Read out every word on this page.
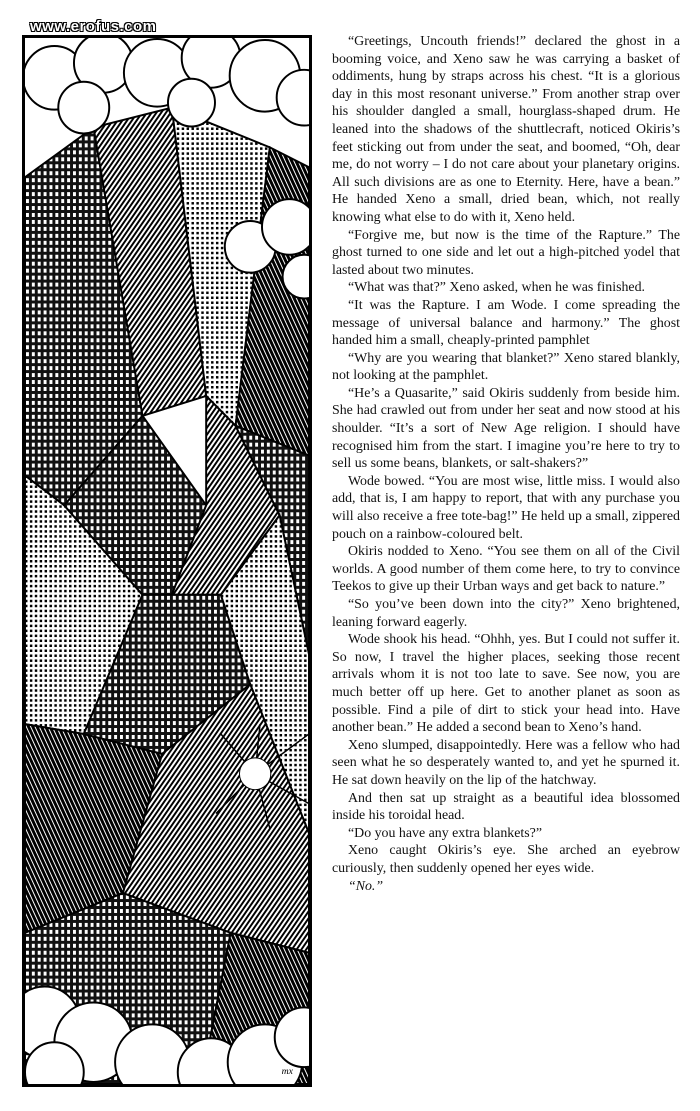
www.erofus.com
mx

“Greetings, Uncouth friends!” declared the ghost in a booming voice, and Xeno saw he was carrying a basket of oddiments, hung by straps across his chest. “It is a glorious day in this most resonant universe.” From another strap over his shoulder dangled a small, hourglass-shaped drum. He leaned into the shadows of the shuttlecraft, noticed Okiris’s feet sticking out from under the seat, and boomed, “Oh, dear me, do not worry – I do not care about your planetary origins. All such divisions are as one to Eternity. Here, have a bean.” He handed Xeno a small, dried bean, which, not really knowing what else to do with it, Xeno held.

“Forgive me, but now is the time of the Rapture.” The ghost turned to one side and let out a high-pitched yodel that lasted about two minutes.

“What was that?” Xeno asked, when he was finished.

“It was the Rapture. I am Wode. I come spreading the message of universal balance and harmony.” The ghost handed him a small, cheaply-printed pamphlet

“Why are you wearing that blanket?” Xeno stared blankly, not looking at the pamphlet.

“He’s a Quasarite,” said Okiris suddenly from beside him. She had crawled out from under her seat and now stood at his shoulder. “It’s a sort of New Age religion. I should have recognised him from the start. I imagine you’re here to try to sell us some beans, blankets, or salt-shakers?”

Wode bowed. “You are most wise, little miss. I would also add, that is, I am happy to report, that with any purchase you will also receive a free tote-bag!” He held up a small, zippered pouch on a rainbow-coloured belt.

Okiris nodded to Xeno. “You see them on all of the Civil worlds. A good number of them come here, to try to convince Teekos to give up their Urban ways and get back to nature.”

“So you’ve been down into the city?” Xeno brightened, leaning forward eagerly.

Wode shook his head. “Ohhh, yes. But I could not suffer it. So now, I travel the higher places, seeking those recent arrivals whom it is not too late to save. See now, you are much better off up here. Get to another planet as soon as possible. Find a pile of dirt to stick your head into. Have another bean.” He added a second bean to Xeno’s hand.

Xeno slumped, disappointedly. Here was a fellow who had seen what he so desperately wanted to, and yet he spurned it. He sat down heavily on the lip of the hatchway.

And then sat up straight as a beautiful idea blossomed inside his toroidal head.

“Do you have any extra blankets?”

Xeno caught Okiris’s eye. She arched an eyebrow curiously, then suddenly opened her eyes wide.

“No.”
